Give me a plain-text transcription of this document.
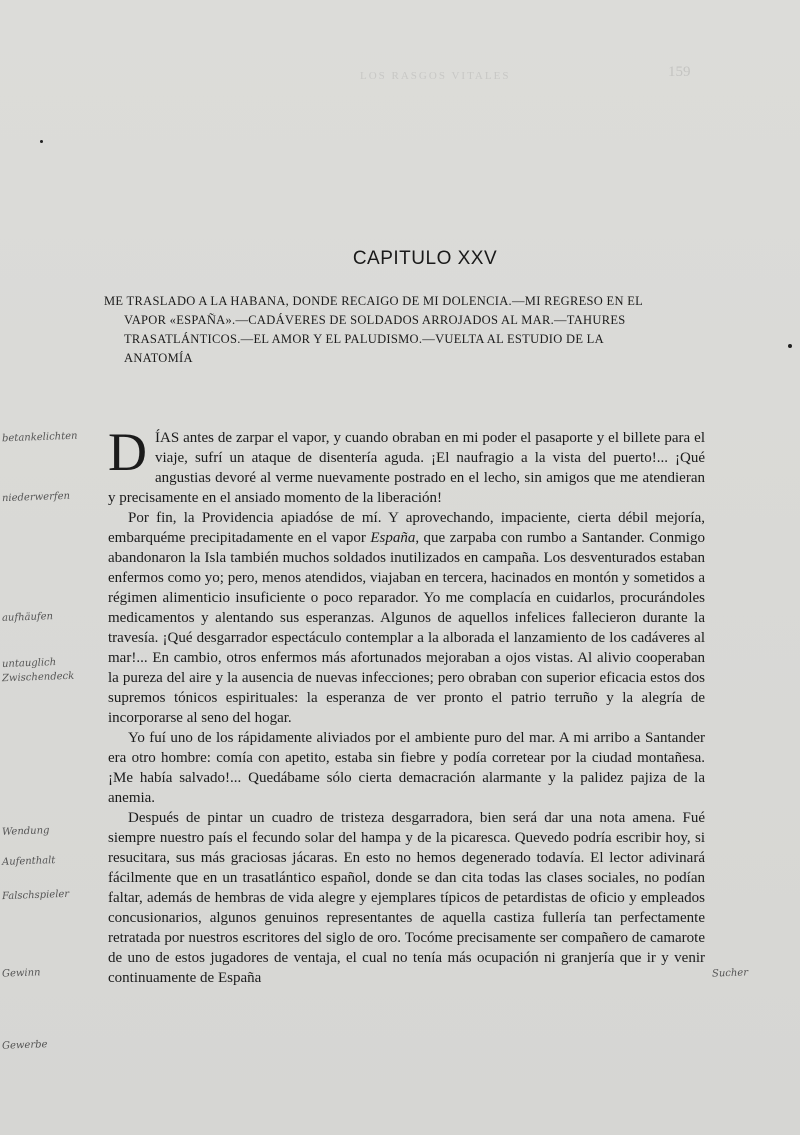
LOS RASGOS VITALES	159
CAPITULO XXV
ME TRASLADO A LA HABANA, DONDE RECAIGO DE MI DOLENCIA.—MI REGRESO EN EL
VAPOR «ESPAÑA».—CADÁVERES DE SOLDADOS ARROJADOS AL MAR.—TAHURES
TRASATLÁNTICOS.—EL AMOR Y EL PALUDISMO.—VUELTA AL ESTUDIO DE LA
ANATOMÍA

DÍAS antes de zarpar el vapor, y cuando obraban en mi poder el pasaporte y el billete para el viaje, sufrí un ataque de disentería aguda. ¡El naufragio a la vista del puerto!... ¡Qué angustias devoré al verme nuevamente postrado en el lecho, sin amigos que me atendieran y precisamente en el ansiado momento de la liberación!

Por fin, la Providencia apiadóse de mí. Y aprovechando, impaciente, cierta débil mejoría, embarquéme precipitadamente en el vapor España, que zarpaba con rumbo a Santander. Conmigo abandonaron la Isla también muchos soldados inutilizados en campaña. Los desventurados estaban enfermos como yo; pero, menos atendidos, viajaban en tercera, hacinados en montón y sometidos a régimen alimenticio insuficiente o poco reparador. Yo me complacía en cuidarlos, procurándoles medicamentos y alentando sus esperanzas. Algunos de aquellos infelices fallecieron durante la travesía. ¡Qué desgarrador espectáculo contemplar a la alborada el lanzamiento de los cadáveres al mar!... En cambio, otros enfermos más afortunados mejoraban a ojos vistas. Al alivio cooperaban la pureza del aire y la ausencia de nuevas infecciones; pero obraban con superior eficacia estos dos supremos tónicos espirituales: la esperanza de ver pronto el patrio terruño y la alegría de incorporarse al seno del hogar.

Yo fuí uno de los rápidamente aliviados por el ambiente puro del mar. A mi arribo a Santander era otro hombre: comía con apetito, estaba sin fiebre y podía corretear por la ciudad montañesa. ¡Me había salvado!... Quedábame sólo cierta demacración alarmante y la palidez pajiza de la anemia.

Después de pintar un cuadro de tristeza desgarradora, bien será dar una nota amena. Fué siempre nuestro país el fecundo solar del hampa y de la picaresca. Quevedo podría escribir hoy, si resucitara, sus más graciosas jácaras. En esto no hemos degenerado todavía. El lector adivinará fácilmente que en un trasatlántico español, donde se dan cita todas las clases sociales, no podían faltar, además de hembras de vida alegre y ejemplares típicos de petardistas de oficio y empleados concusionarios, algunos genuinos representantes de aquella castiza fullería tan perfectamente retratada por nuestros escritores del siglo de oro. Tocóme precisamente ser compañero de camarote de uno de estos jugadores de ventaja, el cual no tenía más ocupación ni granjería que ir y venir continuamente de España

betankelichten
niederwerfen
aufhäufen
untauglich
Zwischendeck
Wendung
Aufenthalt
Falschspieler
Gewinn	Sucher
Gewerbe
